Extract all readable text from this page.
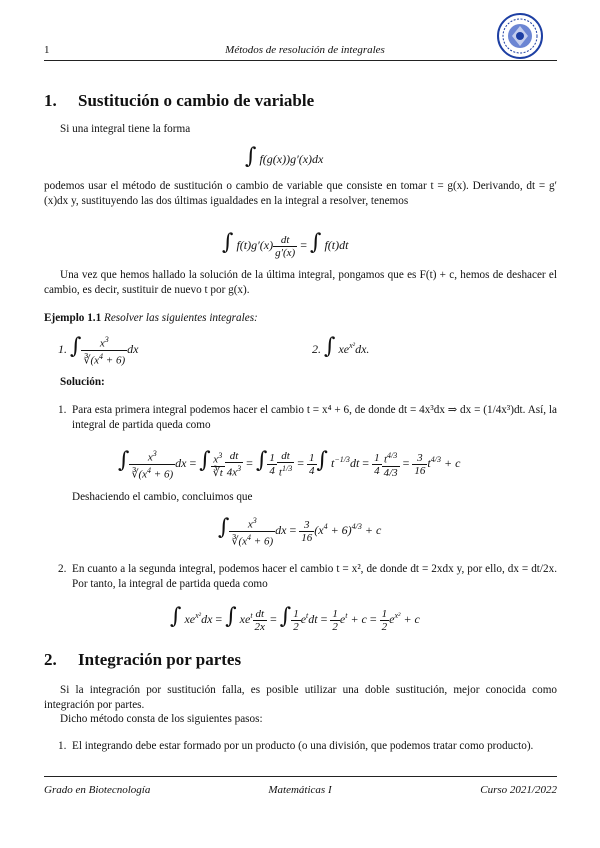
1	Métodos de resolución de integrales
1. Sustitución o cambio de variable
Si una integral tiene la forma
∫ f(g(x))g′(x)dx
podemos usar el método de sustitución o cambio de variable que consiste en tomar t = g(x). Derivando, dt = g′(x)dx y, sustituyendo las dos últimas igualdades en la integral a resolver, tenemos
∫ $f(t)g'(x) \frac{dt}{g'(x)}$ = ∫ f(t)dt
Una vez que hemos hallado la solución de la última integral, pongamos que es F(t) + c, hemos de deshacer el cambio, es decir, sustituir de nuevo t por g(x).
Ejemplo 1.1 Resolver las siguientes integrales:
1. ∫ $\frac{x^3}{∛(x^4 + 6)}$ dx	2. ∫ $xe^{x^2}dx$.
Solución:
1. Para esta primera integral podemos hacer el cambio t = x⁴ + 6, de donde dt = 4x³dx ⇒ dx = (1/4x³)dt. Así, la integral de partida queda como
∫ $\frac{x^3}{∛(x^4 + 6)}$ dx = ∫ $\frac{x^3}{∛t} \frac{dt}{4x^3}$ = ∫ $\frac{1}{4} \frac{dt}{t^{1/3}} = \frac{1}{4}$ ∫ $t^{-1/3}dt = \frac{1}{4} \frac{t^{4/3}}{4/3} = \frac{3}{16} t^{4/3} + c$
Deshaciendo el cambio, concluimos que
∫ $\frac{x^3}{∛(x^4 + 6)}$ dx = $\frac{3}{16} (x^4 + 6)^{4/3} + c$
2. En cuanto a la segunda integral, podemos hacer el cambio t = x², de donde dt = 2xdx y, por ello, dx = dt/2x. Por tanto, la integral de partida queda como
∫ $xe^{x^2}dx$ = ∫ $xe^t \frac{dt}{2x}$ = ∫ $\frac{1}{2} e^tdt = \frac{1}{2} e^t + c = \frac{1}{2} e^{x^2} + c$
2. Integración por partes
Si la integración por sustitución falla, es posible utilizar una doble sustitución, mejor conocida como integración por partes.
Dicho método consta de los siguientes pasos:
1. El integrando debe estar formado por un producto (o una división, que podemos tratar como producto).
Grado en Biotecnología	Matemáticas I	Curso 2021/2022
